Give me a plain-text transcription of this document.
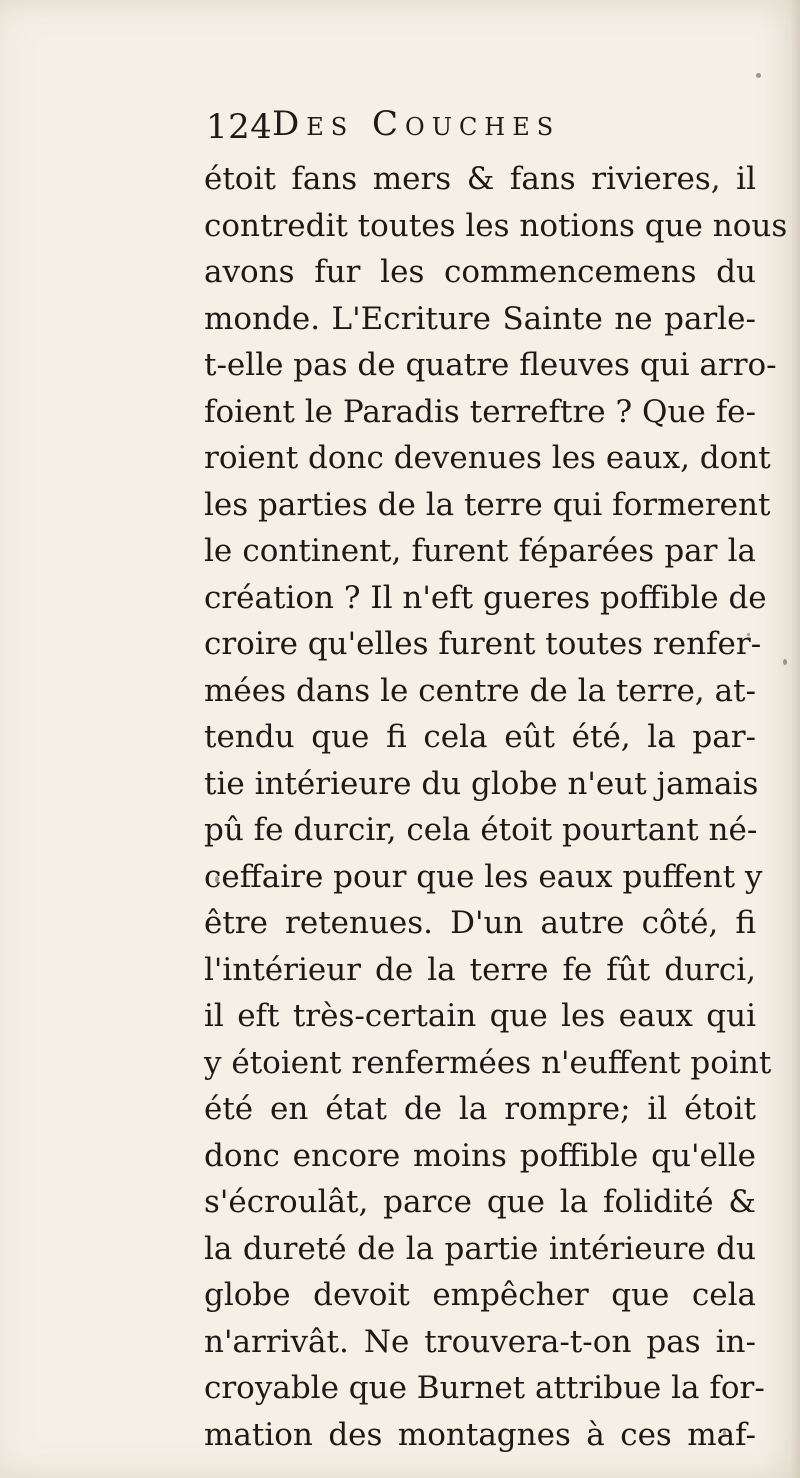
124 Des Couches
étoit fans mers & fans rivieres, il
contredit toutes les notions que nous
avons fur les commencemens du
monde. L'Ecriture Sainte ne parle-
t-elle pas de quatre fleuves qui arro-
foient le Paradis terreftre ? Que fe-
roient donc devenues les eaux, dont
les parties de la terre qui formerent
le continent, furent féparées par la
création ? Il n'eft gueres poffible de
croire qu'elles furent toutes renfer-
mées dans le centre de la terre, at-
tendu que fi cela eût été, la par-
tie intérieure du globe n'eut jamais
pû fe durcir, cela étoit pourtant né-
ceffaire pour que les eaux puffent y
être retenues. D'un autre côté, fi
l'intérieur de la terre fe fût durci,
il eft très-certain que les eaux qui
y étoient renfermées n'euffent point
été en état de la rompre; il étoit
donc encore moins poffible qu'elle
s'écroulât, parce que la folidité &
la dureté de la partie intérieure du
globe devoit empêcher que cela
n'arrivât. Ne trouvera-t-on pas in-
croyable que Burnet attribue la for-
mation des montagnes à ces maf-
